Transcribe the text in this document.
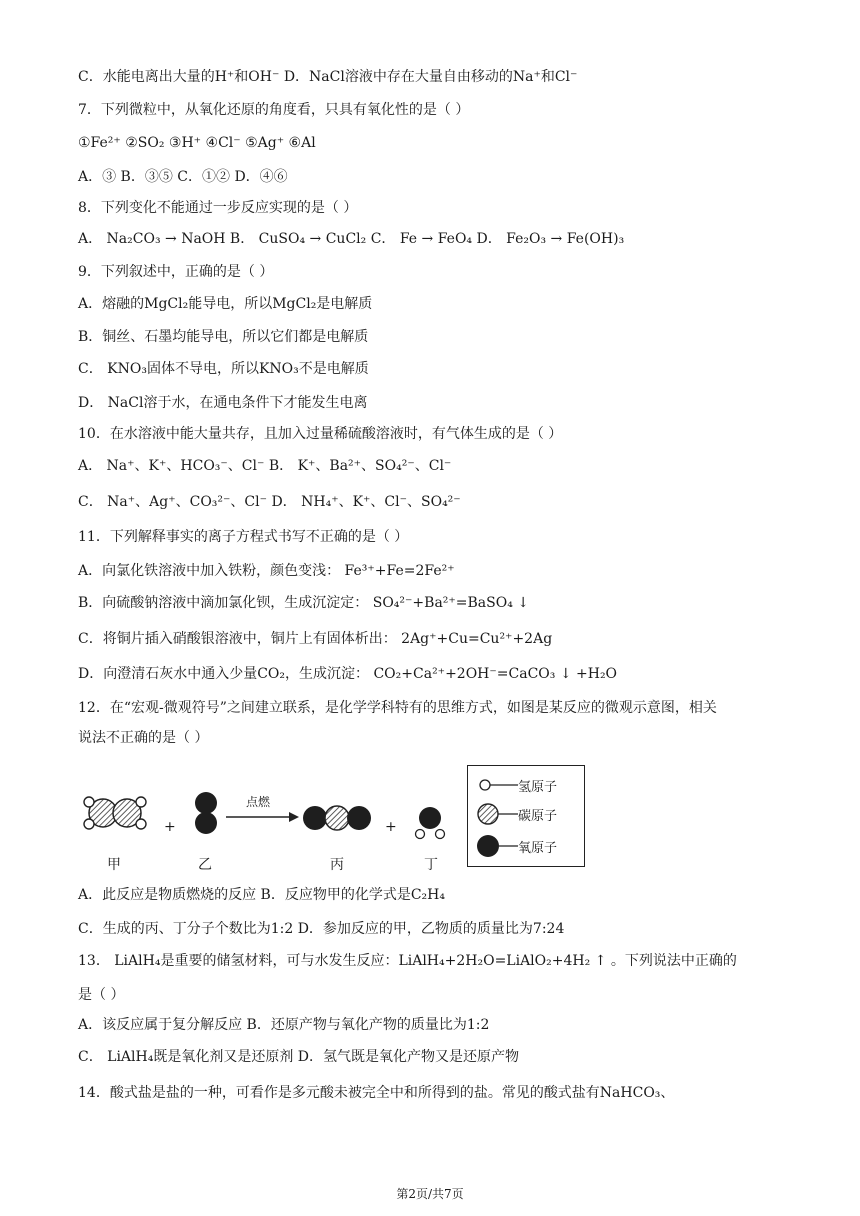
C．水能电离出大量的H⁺和OH⁻ D．NaCl溶液中存在大量自由移动的Na⁺和Cl⁻
7．下列微粒中，从氧化还原的角度看，只具有氧化性的是（ ）
①Fe²⁺ ②SO₂ ③H⁺ ④Cl⁻ ⑤Ag⁺ ⑥Al
A．③ B．③⑤ C．①② D．④⑥
8．下列变化不能通过一步反应实现的是（ ）
A． Na₂CO₃ → NaOH B． CuSO₄ → CuCl₂ C． Fe → FeO₄ D． Fe₂O₃ → Fe(OH)₃
9．下列叙述中，正确的是（ ）
A．熔融的MgCl₂能导电，所以MgCl₂是电解质
B．铜丝、石墨均能导电，所以它们都是电解质
C． KNO₃固体不导电，所以KNO₃不是电解质
D． NaCl溶于水，在通电条件下才能发生电离
10．在水溶液中能大量共存，且加入过量稀硫酸溶液时，有气体生成的是（ ）
A． Na⁺、K⁺、HCO₃⁻、Cl⁻ B． K⁺、Ba²⁺、SO₄²⁻、Cl⁻
C． Na⁺、Ag⁺、CO₃²⁻、Cl⁻ D． NH₄⁺、K⁺、Cl⁻、SO₄²⁻
11．下列解释事实的离子方程式书写不正确的是（ ）
A．向氯化铁溶液中加入铁粉，颜色变浅： Fe³⁺+Fe=2Fe²⁺
B．向硫酸钠溶液中滴加氯化钡，生成沉淀定： SO₄²⁻+Ba²⁺=BaSO₄ ↓
C．将铜片插入硝酸银溶液中，铜片上有固体析出： 2Ag⁺+Cu=Cu²⁺+2Ag
D．向澄清石灰水中通入少量CO₂，生成沉淀： CO₂+Ca²⁺+2OH⁻=CaCO₃ ↓ +H₂O
12．在“宏观-微观符号”之间建立联系，是化学学科特有的思维方式，如图是某反应的微观示意图，相关
说法不正确的是（ ）
+	+
点燃
甲	乙	丙	丁
氢原子
碳原子
氧原子
A．此反应是物质燃烧的反应 B．反应物甲的化学式是C₂H₄
C．生成的丙、丁分子个数比为1:2 D．参加反应的甲，乙物质的质量比为7:24
13． LiAlH₄是重要的储氢材料，可与水发生反应：LiAlH₄+2H₂O=LiAlO₂+4H₂ ↑ 。下列说法中正确的
是（ ）
A．该反应属于复分解反应 B．还原产物与氧化产物的质量比为1:2
C． LiAlH₄既是氧化剂又是还原剂 D．氢气既是氧化产物又是还原产物
14．酸式盐是盐的一种，可看作是多元酸未被完全中和所得到的盐。常见的酸式盐有NaHCO₃、
第2页/共7页
